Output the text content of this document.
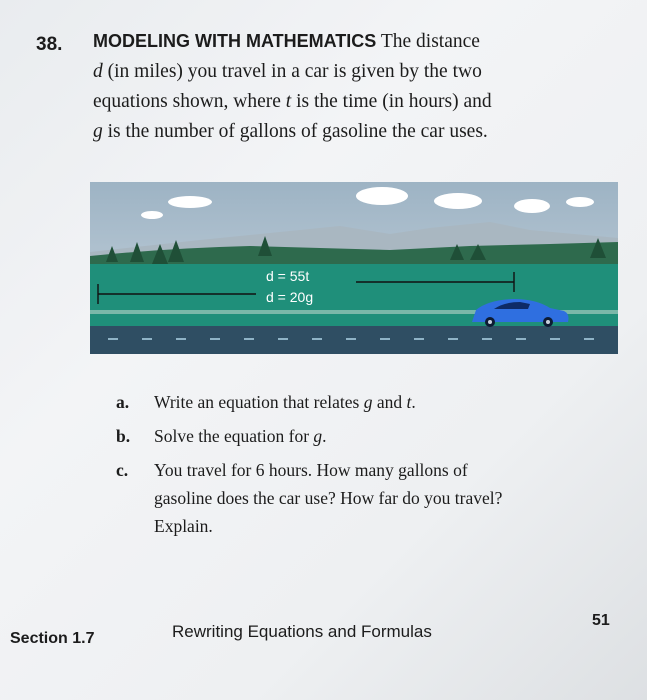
38. MODELING WITH MATHEMATICS The distance
d (in miles) you travel in a car is given by the two
equations shown, where t is the time (in hours) and
g is the number of gallons of gasoline the car uses.
d = 55t
d = 20g
a. Write an equation that relates g and t.
b. Solve the equation for g.
c. You travel for 6 hours. How many gallons of
gasoline does the car use? How far do you travel?
Explain.
Section 1.7	Rewriting Equations and Formulas
51
